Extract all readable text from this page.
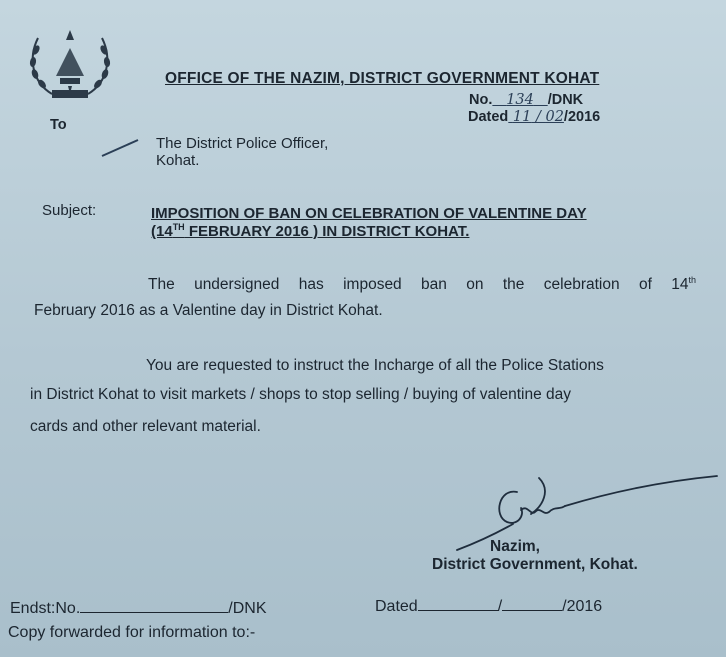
OFFICE OF THE NAZIM, DISTRICT GOVERNMENT KOHAT
No. 134 /DNK
Dated 11 / 02/2016
To
The District Police Officer,
Kohat.
Subject:	IMPOSITION OF BAN ON CELEBRATION OF VALENTINE DAY
(14TH FEBRUARY 2016 ) IN DISTRICT KOHAT.
The undersigned has imposed ban on the celebration of 14th
February 2016 as a Valentine day in District Kohat.
You are requested to instruct the Incharge of all the Police Stations
in District Kohat to visit markets / shops to stop selling / buying of valentine day
cards and other relevant material.
Nazim,
District Government, Kohat.
Endst:No.	/DNK	Dated	/	/2016
Copy forwarded for information to:-
